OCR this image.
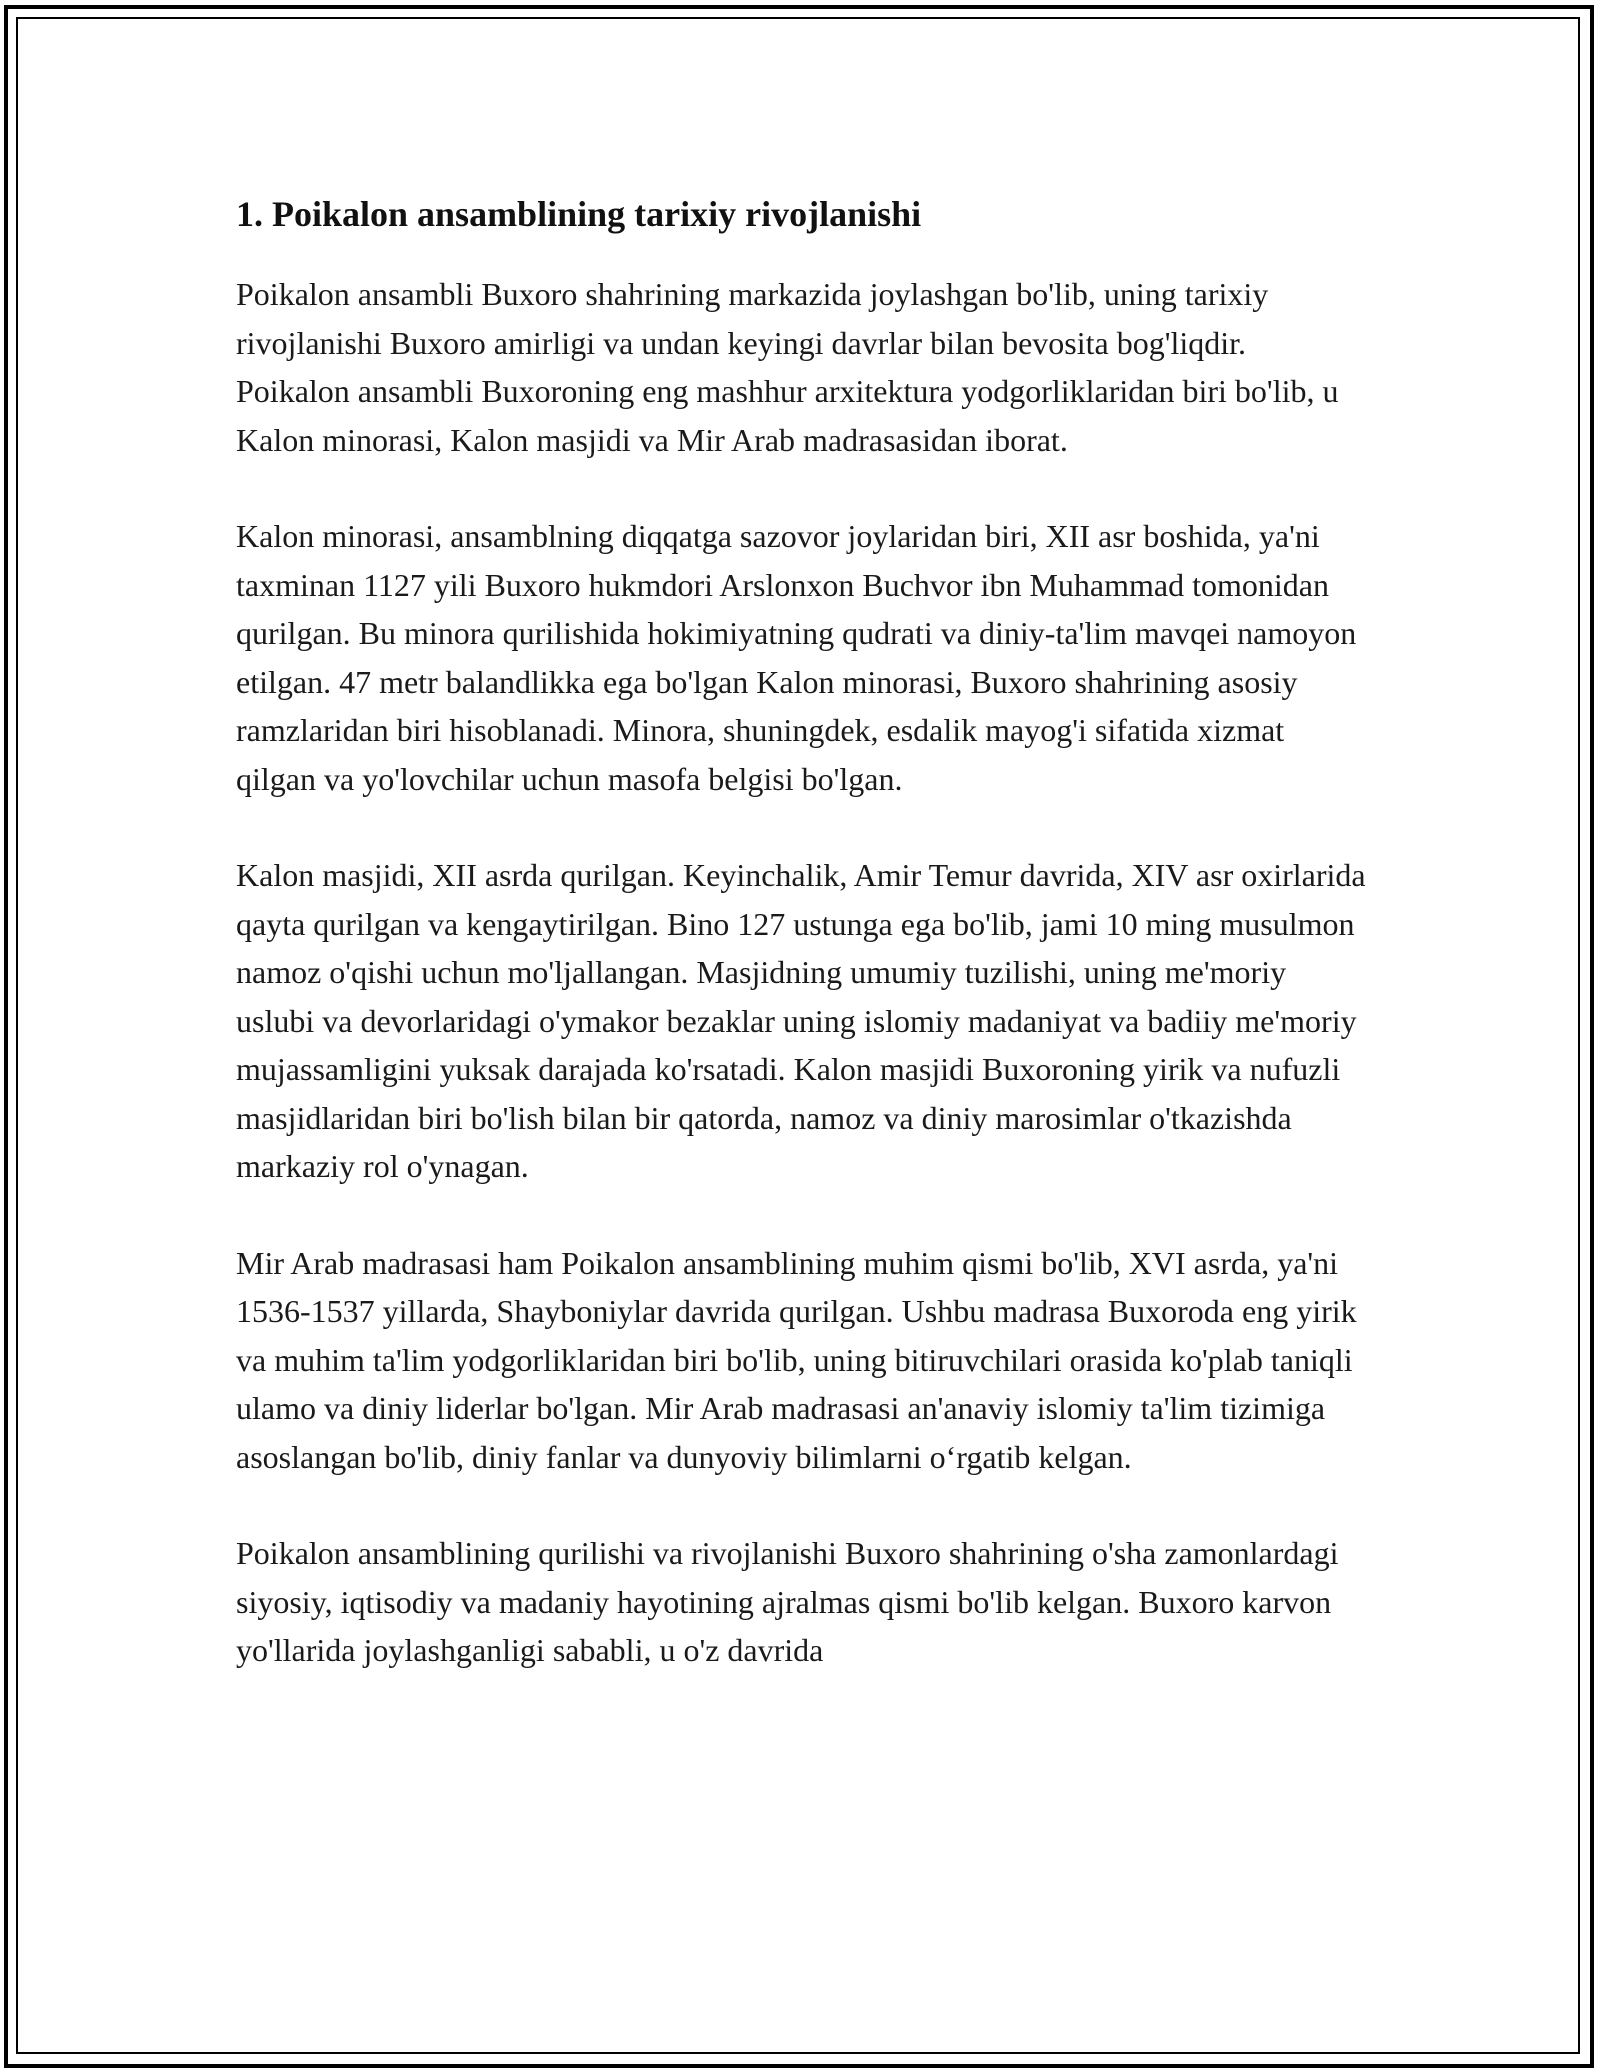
1. Poikalon ansamblining tarixiy rivojlanishi

Poikalon ansambli Buxoro shahrining markazida joylashgan bo'lib, uning tarixiy rivojlanishi Buxoro amirligi va undan keyingi davrlar bilan bevosita bog'liqdir. Poikalon ansambli Buxoroning eng mashhur arxitektura yodgorliklaridan biri bo'lib, u Kalon minorasi, Kalon masjidi va Mir Arab madrasasidan iborat.

Kalon minorasi, ansamblning diqqatga sazovor joylaridan biri, XII asr boshida, ya'ni taxminan 1127 yili Buxoro hukmdori Arslonxon Buchvor ibn Muhammad tomonidan qurilgan. Bu minora qurilishida hokimiyatning qudrati va diniy-ta'lim mavqei namoyon etilgan. 47 metr balandlikka ega bo'lgan Kalon minorasi, Buxoro shahrining asosiy ramzlaridan biri hisoblanadi. Minora, shuningdek, esdalik mayog'i sifatida xizmat qilgan va yo'lovchilar uchun masofa belgisi bo'lgan.

Kalon masjidi, XII asrda qurilgan. Keyinchalik, Amir Temur davrida, XIV asr oxirlarida qayta qurilgan va kengaytirilgan. Bino 127 ustunga ega bo'lib, jami 10 ming musulmon namoz o'qishi uchun mo'ljallangan. Masjidning umumiy tuzilishi, uning me'moriy uslubi va devorlaridagi o'ymakor bezaklar uning islomiy madaniyat va badiiy me'moriy mujassamligini yuksak darajada ko'rsatadi. Kalon masjidi Buxoroning yirik va nufuzli masjidlaridan biri bo'lish bilan bir qatorda, namoz va diniy marosimlar o'tkazishda markaziy rol o'ynagan.

Mir Arab madrasasi ham Poikalon ansamblining muhim qismi bo'lib, XVI asrda, ya'ni 1536-1537 yillarda, Shayboniylar davrida qurilgan. Ushbu madrasa Buxoroda eng yirik va muhim ta'lim yodgorliklaridan biri bo'lib, uning bitiruvchilari orasida ko'plab taniqli ulamo va diniy liderlar bo'lgan. Mir Arab madrasasi an'anaviy islomiy ta'lim tizimiga asoslangan bo'lib, diniy fanlar va dunyoviy bilimlarni o‘rgatib kelgan.

Poikalon ansamblining qurilishi va rivojlanishi Buxoro shahrining o'sha zamonlardagi siyosiy, iqtisodiy va madaniy hayotining ajralmas qismi bo'lib kelgan. Buxoro karvon yo'llarida joylashganligi sababli, u o'z davrida
